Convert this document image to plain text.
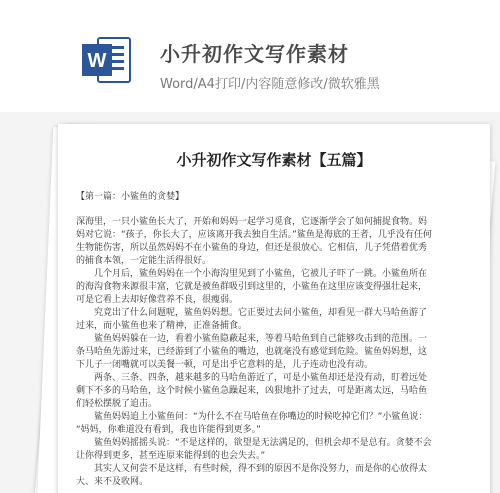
W	小升初作文写作素材
Word/A4打印/内容随意修改/微软雅黑
小升初作文写作素材【五篇】
【第一篇：小鲨鱼的贪婪】
深海里，一只小鲨鱼长大了，开始和妈妈一起学习觅食，它逐渐学会了如何捕捉食物。妈
妈对它说：“孩子，你长大了，应该离开我去独自生活。”鲨鱼是海底的王者，几乎没有任何
生物能伤害，所以虽然妈妈不在小鲨鱼的身边，但还是很放心。它相信，儿子凭借着优秀
的捕食本领，一定能生活得很好。
几个月后，鲨鱼妈妈在一个小海沟里见到了小鲨鱼，它被儿子吓了一跳。小鲨鱼所在
的海沟食物来源很丰富，它就是被鱼群吸引到这里的，小鲨鱼在这里应该变得强壮起来，
可是它看上去却好像营养不良，很瘦弱。
究竟出了什么问题呢，鲨鱼妈妈想。它正要过去问小鲨鱼，却看见一群大马哈鱼游了
过来，而小鲨鱼也来了精神，正准备捕食。
鲨鱼妈妈躲在一边，看着小鲨鱼隐蔽起来，等着马哈鱼到自己能够攻击到的范围。一
条马哈鱼先游过来，已经游到了小鲨鱼的嘴边，也就毫没有感觉到危险。鲨鱼妈妈想，这
下儿子一闭嘴就可以美餐一顿，可是出乎它意料的是，儿子连动也没有动。
两条、三条、四条，越来越多的马哈鱼游近了，可是小鲨鱼却还是没有动，盯着远处
剩下不多的马哈鱼，这个时候小鲨鱼急躁起来，凶狠地扑了过去，可是距离太远，马哈鱼
们轻松摆脱了追击。
鲨鱼妈妈追上小鲨鱼问：“为什么不在马哈鱼在你嘴边的时候吃掉它们？”小鲨鱼说：
“妈妈，你难道没有看到，我也许能得到更多。”
鲨鱼妈妈摇摇头说：“不是这样的，欲望是无法满足的，但机会却不是总有。贪婪不会
让你得到更多，甚至连原来能得到的也会失去。”
其实人又何尝不是这样，有些时候，得不到的原因不是你没努力，而是你的心放得太
大、来不及收网。
